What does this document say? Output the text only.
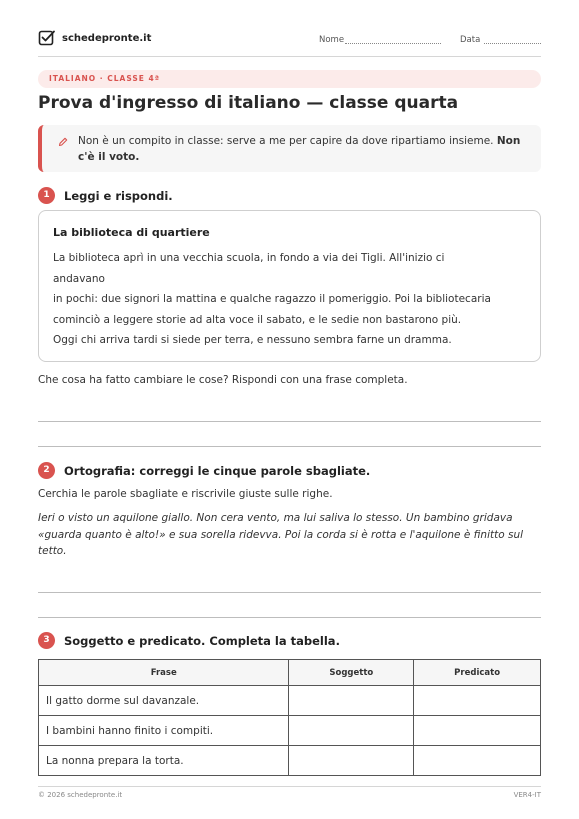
schedepronte.it	Nome	Data
ITALIANO · CLASSE 4ª
Prova d'ingresso di italiano — classe quarta
Non è un compito in classe: serve a me per capire da dove ripartiamo insieme. Non c'è il voto.
1	Leggi e rispondi.
La biblioteca di quartiere
La biblioteca aprì in una vecchia scuola, in fondo a via dei Tigli. All'inizio ci
andavano
in pochi: due signori la mattina e qualche ragazzo il pomeriggio. Poi la bibliotecaria
cominciò a leggere storie ad alta voce il sabato, e le sedie non bastarono più.
Oggi chi arriva tardi si siede per terra, e nessuno sembra farne un dramma.
Che cosa ha fatto cambiare le cose? Rispondi con una frase completa.
2	Ortografia: correggi le cinque parole sbagliate.
Cerchia le parole sbagliate e riscrivile giuste sulle righe.
Ieri o visto un aquilone giallo. Non cera vento, ma lui saliva lo stesso. Un bambino gridava «guarda quanto è alto!» e sua sorella ridevva. Poi la corda si è rotta e l'aquilone è finitto sul tetto.
3	Soggetto e predicato. Completa la tabella.
Frase	Soggetto	Predicato
Il gatto dorme sul davanzale.		
I bambini hanno finito i compiti.		
La nonna prepara la torta.		
© 2026 schedepronte.it	VER4-IT
